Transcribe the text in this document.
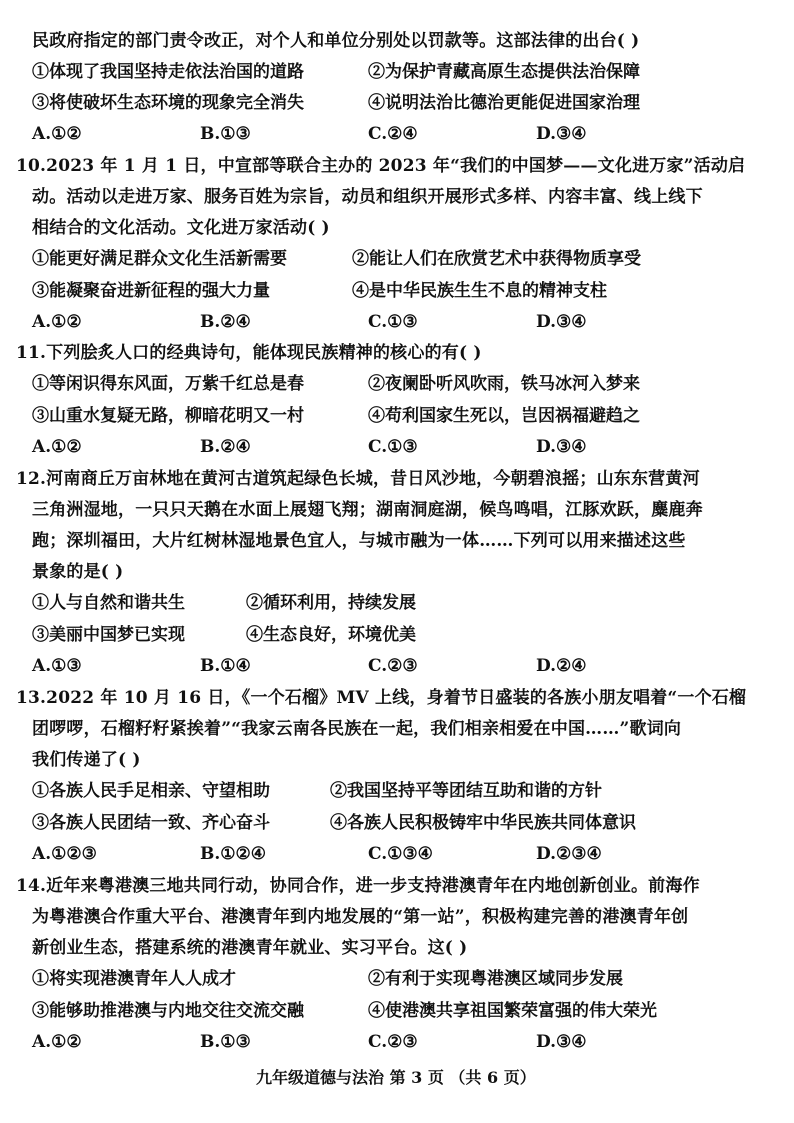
民政府指定的部门责令改正，对个人和单位分别处以罚款等。这部法律的出台( )
①体现了我国坚持走依法治国的道路	②为保护青藏高原生态提供法治保障
③将使破坏生态环境的现象完全消失	④说明法治比德治更能促进国家治理
A.①②	B.①③	C.②④	D.③④
10.2023 年 1 月 1 日，中宣部等联合主办的 2023 年“我们的中国梦——文化进万家”活动启
动。活动以走进万家、服务百姓为宗旨，动员和组织开展形式多样、内容丰富、线上线下
相结合的文化活动。文化进万家活动( )
①能更好满足群众文化生活新需要	②能让人们在欣赏艺术中获得物质享受
③能凝聚奋进新征程的强大力量	④是中华民族生生不息的精神支柱
A.①②	B.②④	C.①③	D.③④
11.下列脍炙人口的经典诗句，能体现民族精神的核心的有( )
①等闲识得东风面，万紫千红总是春	②夜阑卧听风吹雨，铁马冰河入梦来
③山重水复疑无路，柳暗花明又一村	④苟利国家生死以，岂因祸福避趋之
A.①②	B.②④	C.①③	D.③④
12.河南商丘万亩林地在黄河古道筑起绿色长城，昔日风沙地，今朝碧浪摇；山东东营黄河
三角洲湿地，一只只天鹅在水面上展翅飞翔；湖南洞庭湖，候鸟鸣唱，江豚欢跃，麋鹿奔
跑；深圳福田，大片红树林湿地景色宜人，与城市融为一体……下列可以用来描述这些
景象的是( )
①人与自然和谐共生	②循环利用，持续发展
③美丽中国梦已实现	④生态良好，环境优美
A.①③	B.①④	C.②③	D.②④
13.2022 年 10 月 16 日，《一个石榴》MV 上线，身着节日盛装的各族小朋友唱着“一个石榴
团啰啰，石榴籽籽紧挨着”“我家云南各民族在一起，我们相亲相爱在中国……”歌词向
我们传递了( )
①各族人民手足相亲、守望相助	②我国坚持平等团结互助和谐的方针
③各族人民团结一致、齐心奋斗	④各族人民积极铸牢中华民族共同体意识
A.①②③	B.①②④	C.①③④	D.②③④
14.近年来粤港澳三地共同行动，协同合作，进一步支持港澳青年在内地创新创业。前海作
为粤港澳合作重大平台、港澳青年到内地发展的“第一站”，积极构建完善的港澳青年创
新创业生态，搭建系统的港澳青年就业、实习平台。这( )
①将实现港澳青年人人成才	②有利于实现粤港澳区域同步发展
③能够助推港澳与内地交往交流交融	④使港澳共享祖国繁荣富强的伟大荣光
A.①②	B.①③	C.②③	D.③④
九年级道德与法治 第 3 页 （共 6 页）
